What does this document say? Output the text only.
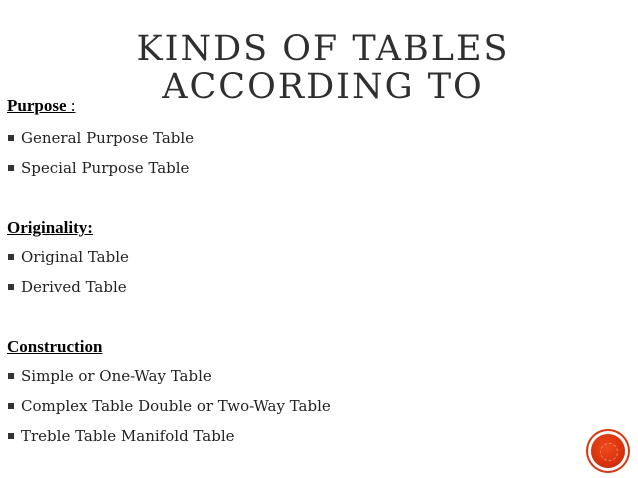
KINDS OF TABLES
ACCORDING TO
Purpose :
General Purpose Table
Special Purpose Table
Originality:
Original Table
Derived Table
Construction
Simple or One-Way Table
Complex Table Double or Two-Way Table
Treble Table Manifold Table
